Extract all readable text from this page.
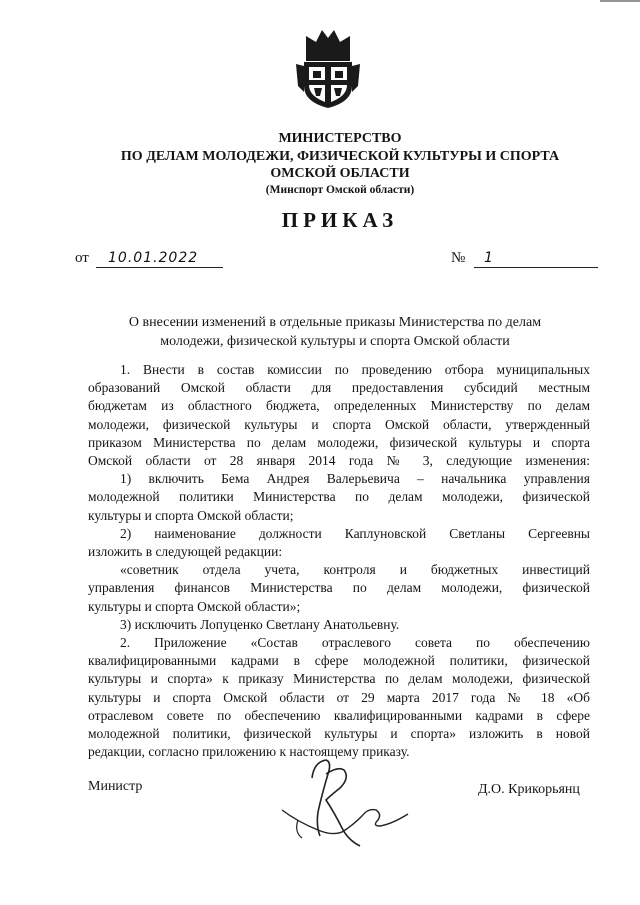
МИНИСТЕРСТВО
ПО ДЕЛАМ МОЛОДЕЖИ, ФИЗИЧЕСКОЙ КУЛЬТУРЫ И СПОРТА
ОМСКОЙ ОБЛАСТИ
(Минспорт Омской области)
ПРИКАЗ
от	10.01.2022	№	1
О внесении изменений в отдельные приказы Министерства по делам молодежи, физической культуры и спорта Омской области

1. Внести в состав комиссии по проведению отбора муниципальных

образований Омской области для предоставления субсидий местным

бюджетам из областного бюджета, определенных Министерству по делам

молодежи, физической культуры и спорта Омской области, утвержденный

приказом Министерства по делам молодежи, физической культуры и спорта

Омской области от 28 января 2014 года № 3, следующие изменения:

1) включить Бема Андрея Валерьевича – начальника управления

молодежной политики Министерства по делам молодежи, физической

культуры и спорта Омской области;

2) наименование должности Каплуновской Светланы Сергеевны

изложить в следующей редакции:

«советник отдела учета, контроля и бюджетных инвестиций

управления финансов Министерства по делам молодежи, физической

культуры и спорта Омской области»;

3) исключить Лопуценко Светлану Анатольевну.

2. Приложение «Состав отраслевого совета по обеспечению

квалифицированными кадрами в сфере молодежной политики, физической

культуры и спорта» к приказу Министерства по делам молодежи, физической

культуры и спорта Омской области от 29 марта 2017 года № 18 «Об

отраслевом совете по обеспечению квалифицированными кадрами в сфере

молодежной политики, физической культуры и спорта» изложить в новой

редакции, согласно приложению к настоящему приказу.

Министр	Д.О. Крикорьянц
